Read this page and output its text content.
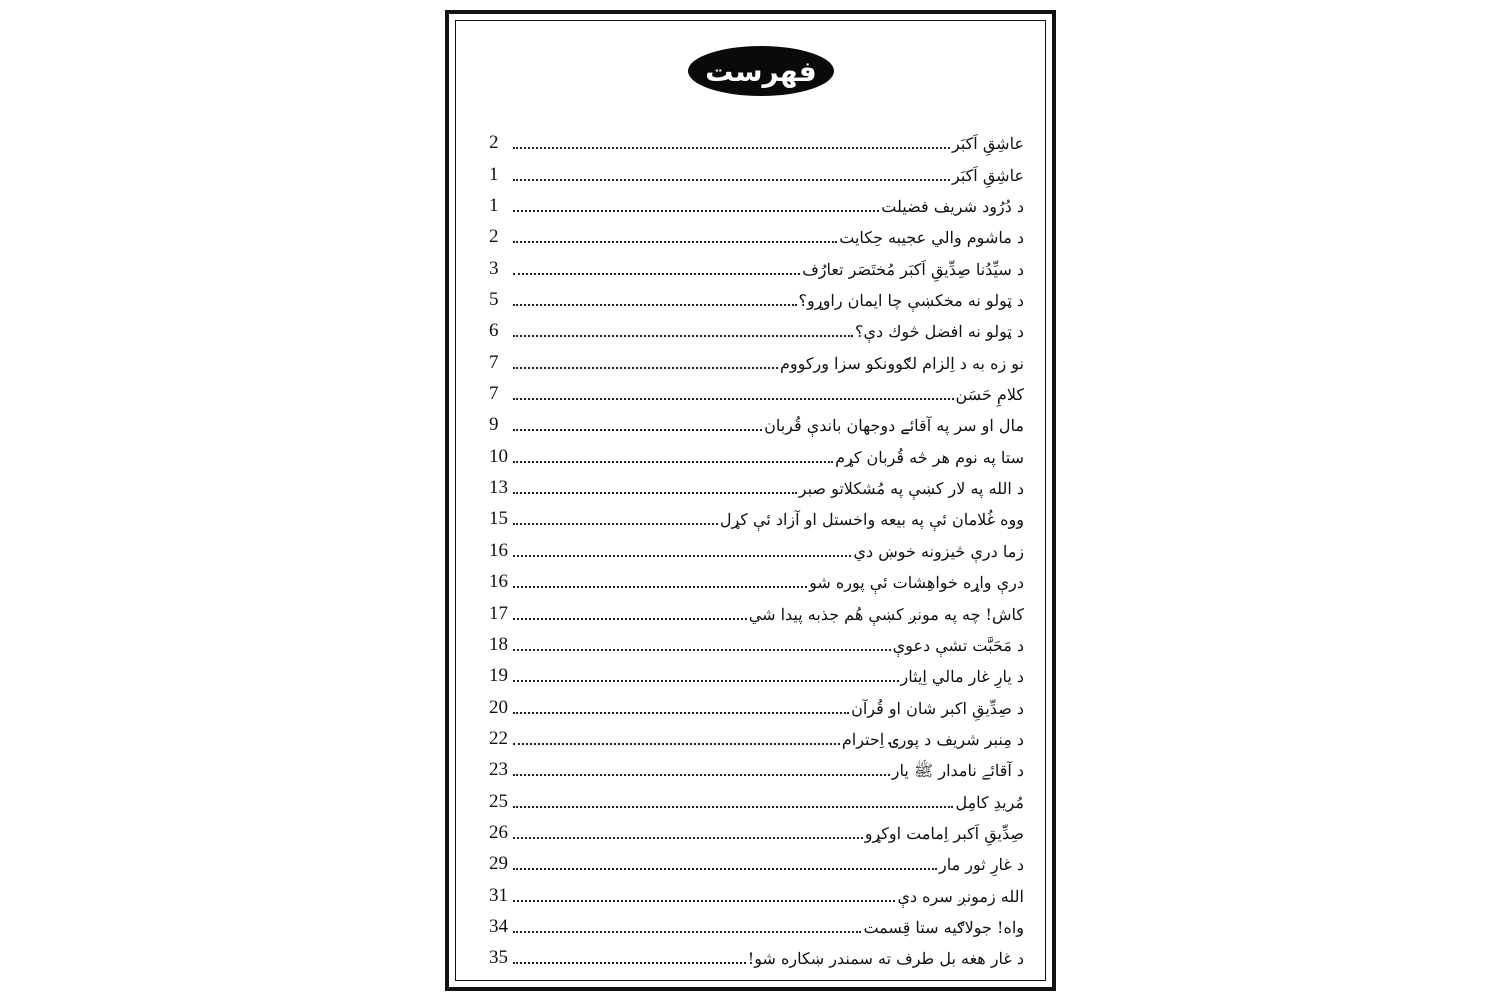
فهرست
عاشِقِ اَکبَر
2
عاشِقِ اَکبَر
1
د دُرُود شریف فضیلت
1
د ماشوم والي عجیبه حِکایت
2
د سیِّدُنا صِدِّیقِ اَکبَر مُختَصَر تعارُف
3
د ټولو نه مخکښې چا ایمان راوړو؟
5
د ټولو نه افضل څوك دې؟
6
نو زه به د اِلزام لګوونکو سزا ورکووم
7
کلامِ حَسَن
7
مال او سر په آقائے دوجهان باندې قُربان
9
ستا په نوم هر څه قُربان کړم
10
د الله په لار کښې په مُشکلاتو صبر
13
ووه غُلامان ئې په بیعه واخستل او آزاد ئې کړل
15
زما درې څیزونه خوښ دي
16
درې واړه خواهِشات ئې پوره شو
16
کاش! چه په مونږ کښې هُم جذبه پیدا شي
17
د مَحَبَّت تشې دعوې
18
د یارِ غار مالي اِیثار
19
د صِدِّیقِ اکبر شان او قُرآن
20
د مِنبر شریف د پورۍ اِحترام
22
د آقائے نامدار ﷺ یار
23
مُریدِ کامِل
25
صِدِّیقِ اَکبر اِمامت اوکړو
26
د غارِ ثور مار
29
الله زمونږ سره دې
31
واه! جولاګیه ستا قِسمت
34
د غار هغه بل طرف ته سمندر ښکاره شو!
35
